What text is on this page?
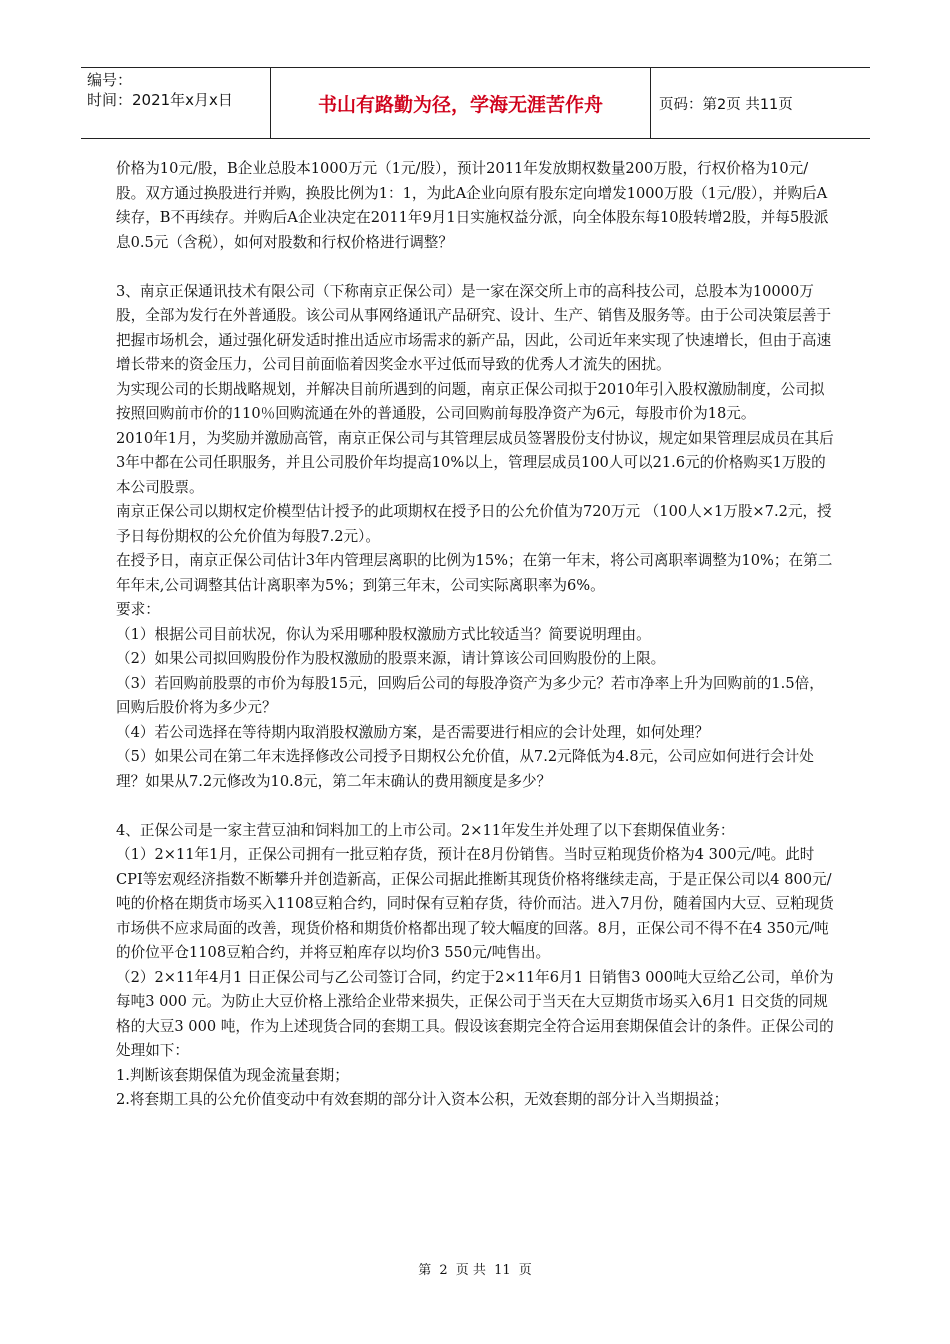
编号：
时间：2021年x月x日	书山有路勤为径，学海无涯苦作舟	页码：第2页 共11页

价格为10元/股，B企业总股本1000万元（1元/股），预计2011年发放期权数量200万股，行权价格为10元/股。双方通过换股进行并购，换股比例为1：1，为此A企业向原有股东定向增发1000万股（1元/股），并购后A续存，B不再续存。并购后A企业决定在2011年9月1日实施权益分派，向全体股东每10股转增2股，并每5股派息0.5元（含税），如何对股数和行权价格进行调整？

3、南京正保通讯技术有限公司（下称南京正保公司）是一家在深交所上市的高科技公司，总股本为10000万股，全部为发行在外普通股。该公司从事网络通讯产品研究、设计、生产、销售及服务等。由于公司决策层善于把握市场机会，通过强化研发适时推出适应市场需求的新产品，因此，公司近年来实现了快速增长，但由于高速增长带来的资金压力，公司目前面临着因奖金水平过低而导致的优秀人才流失的困扰。

为实现公司的长期战略规划，并解决目前所遇到的问题，南京正保公司拟于2010年引入股权激励制度，公司拟按照回购前市价的110％回购流通在外的普通股，公司回购前每股净资产为6元，每股市价为18元。

2010年1月，为奖励并激励高管，南京正保公司与其管理层成员签署股份支付协议，规定如果管理层成员在其后3年中都在公司任职服务，并且公司股价年均提高10%以上，管理层成员100人可以21.6元的价格购买1万股的本公司股票。

南京正保公司以期权定价模型估计授予的此项期权在授予日的公允价值为720万元 （100人×1万股×7.2元，授予日每份期权的公允价值为每股7.2元）。

在授予日，南京正保公司估计3年内管理层离职的比例为15%；在第一年末，将公司离职率调整为10%；在第二年年末,公司调整其估计离职率为5%；到第三年末，公司实际离职率为6%。

要求：

（1）根据公司目前状况，你认为采用哪种股权激励方式比较适当？简要说明理由。

（2）如果公司拟回购股份作为股权激励的股票来源，请计算该公司回购股份的上限。

（3）若回购前股票的市价为每股15元，回购后公司的每股净资产为多少元？若市净率上升为回购前的1.5倍，回购后股价将为多少元？

（4）若公司选择在等待期内取消股权激励方案，是否需要进行相应的会计处理，如何处理？

（5）如果公司在第二年末选择修改公司授予日期权公允价值，从7.2元降低为4.8元，公司应如何进行会计处理？如果从7.2元修改为10.8元，第二年末确认的费用额度是多少？

4、正保公司是一家主营豆油和饲料加工的上市公司。2×11年发生并处理了以下套期保值业务：

（1）2×11年1月，正保公司拥有一批豆粕存货，预计在8月份销售。当时豆粕现货价格为4 300元/吨。此时CPI等宏观经济指数不断攀升并创造新高，正保公司据此推断其现货价格将继续走高，于是正保公司以4 800元/吨的价格在期货市场买入1108豆粕合约，同时保有豆粕存货，待价而沽。进入7月份，随着国内大豆、豆粕现货市场供不应求局面的改善，现货价格和期货价格都出现了较大幅度的回落。8月，正保公司不得不在4 350元/吨的价位平仓1108豆粕合约，并将豆粕库存以均价3 550元/吨售出。

（2）2×11年4月1 日正保公司与乙公司签订合同，约定于2×11年6月1 日销售3 000吨大豆给乙公司，单价为每吨3 000 元。为防止大豆价格上涨给企业带来损失，正保公司于当天在大豆期货市场买入6月1 日交货的同规格的大豆3 000 吨，作为上述现货合同的套期工具。假设该套期完全符合运用套期保值会计的条件。正保公司的处理如下：

1.判断该套期保值为现金流量套期；

2.将套期工具的公允价值变动中有效套期的部分计入资本公积，无效套期的部分计入当期损益；

第 2 页 共 11 页
